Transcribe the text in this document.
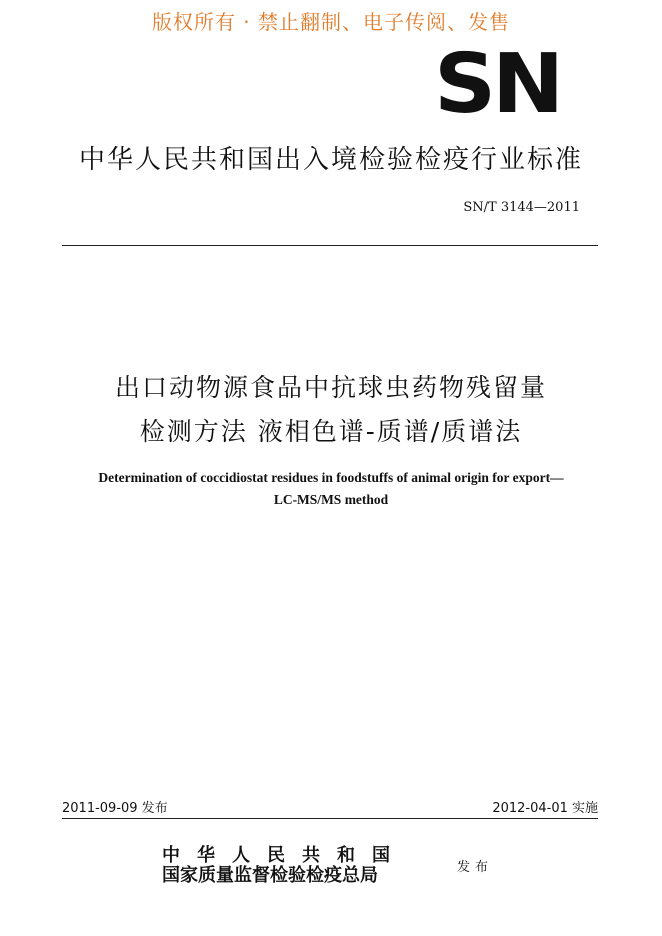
版权所有 · 禁止翻制、电子传阅、发售
SN
中华人民共和国出入境检验检疫行业标准
SN/T 3144—2011
出口动物源食品中抗球虫药物残留量
检测方法 液相色谱-质谱/质谱法
Determination of coccidiostat residues in foodstuffs of animal origin for export—
LC-MS/MS method
2011-09-09 发布	2012-04-01 实施
中华人民共和国
国家质量监督检验检疫总局	发布
